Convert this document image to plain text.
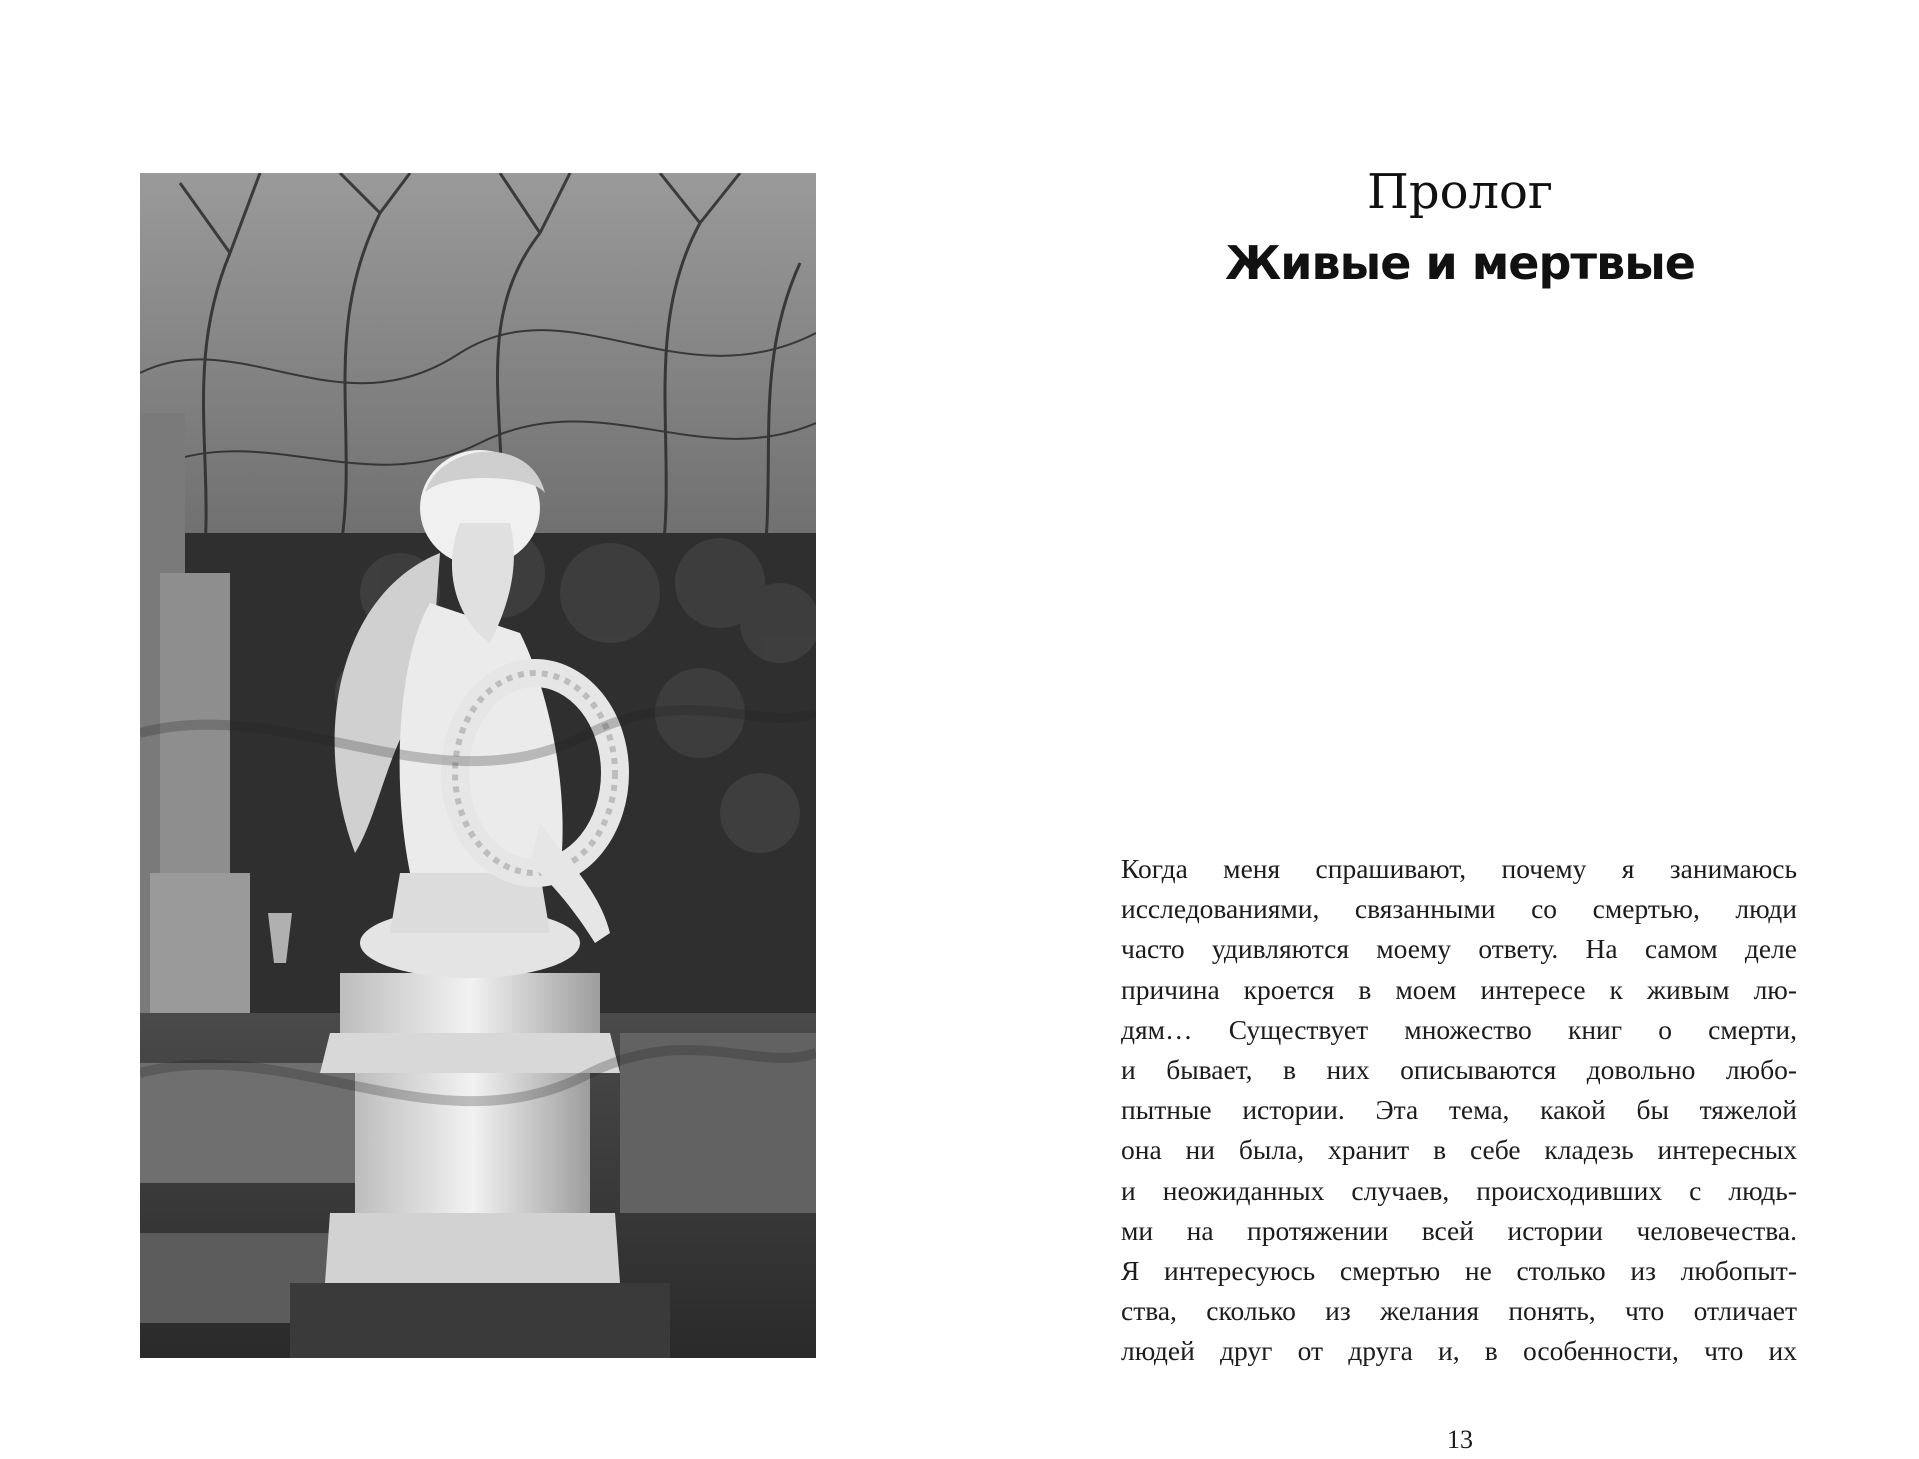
Пролог
Живые и мертвые
Когда меня спрашивают, почему я занимаюсь
исследованиями, связанными со смертью, люди
часто удивляются моему ответу. На самом деле
причина кроется в моем интересе к живым лю-
дям… Существует множество книг о смерти,
и бывает, в них описываются довольно любо-
пытные истории. Эта тема, какой бы тяжелой
она ни была, хранит в себе кладезь интересных
и неожиданных случаев, происходивших с людь-
ми на протяжении всей истории человечества.
Я интересуюсь смертью не столько из любопыт-
ства, сколько из желания понять, что отличает
людей друг от друга и, в особенности, что их
13
